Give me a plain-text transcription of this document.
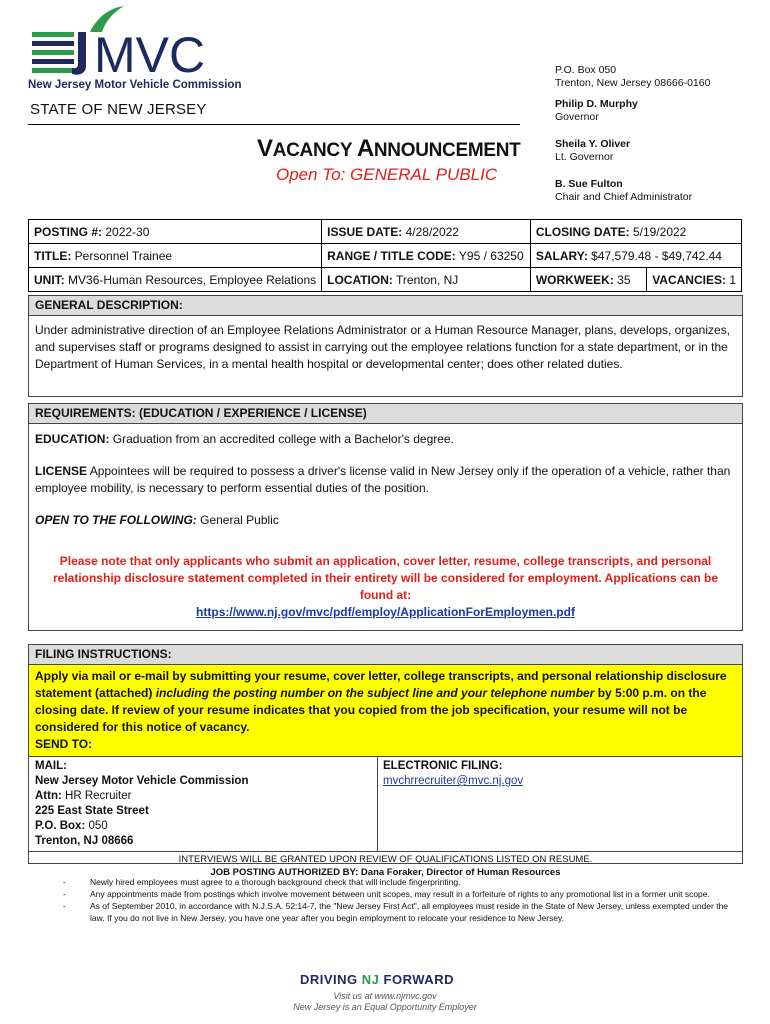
MVC
New Jersey Motor Vehicle Commission
P.O. Box 050
Trenton, New Jersey 08666-0160
STATE OF NEW JERSEY	Philip D. Murphy
Governor
Sheila Y. Oliver
Lt. Governor
B. Sue Fulton
Chair and Chief Administrator
VACANCY ANNOUNCEMENT
Open To: GENERAL PUBLIC
POSTING #: 2022-30	ISSUE DATE: 4/28/2022	CLOSING DATE: 5/19/2022	
TITLE: Personnel Trainee	RANGE / TITLE CODE: Y95 / 63250	SALARY: $47,579.48 - $49,742.44	
UNIT: MV36-Human Resources, Employee Relations	LOCATION: Trenton, NJ	WORKWEEK: 35	VACANCIES: 1
GENERAL DESCRIPTION:
Under administrative direction of an Employee Relations Administrator or a Human Resource Manager, plans, develops, organizes, and supervises staff or programs designed to assist in carrying out the employee relations function for a state department, or in the Department of Human Services, in a mental health hospital or developmental center; does other related duties.
REQUIREMENTS: (EDUCATION / EXPERIENCE / LICENSE)
EDUCATION: Graduation from an accredited college with a Bachelor's degree.
LICENSE Appointees will be required to possess a driver's license valid in New Jersey only if the operation of a vehicle, rather than employee mobility, is necessary to perform essential duties of the position.
OPEN TO THE FOLLOWING: General Public
Please note that only applicants who submit an application, cover letter, resume, college transcripts, and personal relationship disclosure statement completed in their entirety will be considered for employment. Applications can be found at:
https://www.nj.gov/mvc/pdf/employ/ApplicationForEmploymen.pdf
FILING INSTRUCTIONS:
Apply via mail or e-mail by submitting your resume, cover letter, college transcripts, and personal relationship disclosure statement (attached) including the posting number on the subject line and your telephone number by 5:00 p.m. on the closing date. If review of your resume indicates that you copied from the job specification, your resume will not be considered for this notice of vacancy.
SEND TO:
MAIL:
New Jersey Motor Vehicle Commission
Attn: HR Recruiter
225 East State Street
P.O. Box: 050
Trenton, NJ 08666
ELECTRONIC FILING:
mvchrrecruiter@mvc.nj.gov
INTERVIEWS WILL BE GRANTED UPON REVIEW OF QUALIFICATIONS LISTED ON RESUME.
JOB POSTING AUTHORIZED BY: Dana Foraker, Director of Human Resources
-	Newly hired employees must agree to a thorough background check that will include fingerprinting.
-	Any appointments made from postings which involve movement between unit scopes, may result in a forfeiture of rights to any promotional list in a former unit scope.
-	As of September 2010, in accordance with N.J.S.A. 52:14-7, the "New Jersey First Act", all employees must reside in the State of New Jersey, unless exempted under the law. If you do not live in New Jersey, you have one year after you begin employment to relocate your residence to New Jersey.
DRIVING NJ FORWARD
Visit us at www.njmvc.gov
New Jersey is an Equal Opportunity Employer
